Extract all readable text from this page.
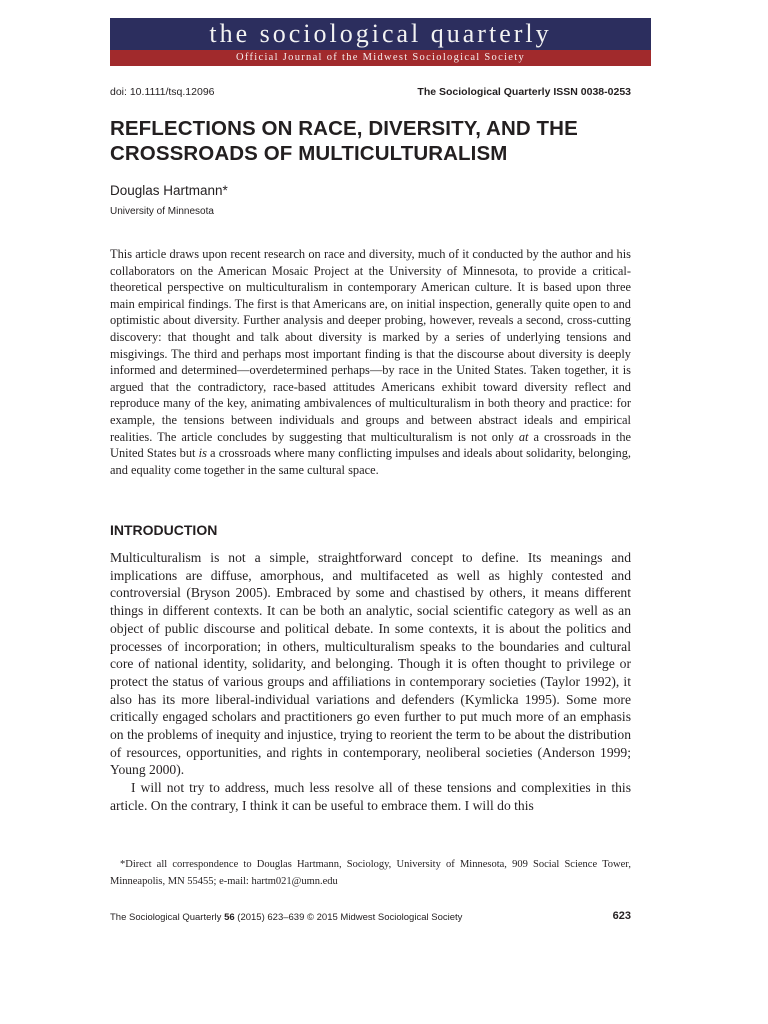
the sociological quarterly
Official Journal of the Midwest Sociological Society
doi: 10.1111/tsq.12096	The Sociological Quarterly ISSN 0038-0253
REFLECTIONS ON RACE, DIVERSITY, AND THE CROSSROADS OF MULTICULTURALISM
Douglas Hartmann*
University of Minnesota

This article draws upon recent research on race and diversity, much of it conducted by the author and his collaborators on the American Mosaic Project at the University of Minnesota, to provide a critical-theoretical perspective on multiculturalism in contemporary American culture. It is based upon three main empirical findings. The first is that Americans are, on initial inspection, generally quite open to and optimistic about diversity. Further analysis and deeper probing, however, reveals a second, cross-cutting discovery: that thought and talk about diversity is marked by a series of underlying tensions and misgivings. The third and perhaps most important finding is that the discourse about diversity is deeply informed and determined—overdetermined perhaps—by race in the United States. Taken together, it is argued that the contradictory, race-based attitudes Americans exhibit toward diversity reflect and reproduce many of the key, animating ambivalences of multiculturalism in both theory and practice: for example, the tensions between individuals and groups and between abstract ideals and empirical realities. The article concludes by suggesting that multiculturalism is not only at a crossroads in the United States but is a crossroads where many conflicting impulses and ideals about solidarity, belonging, and equality come together in the same cultural space.

INTRODUCTION

Multiculturalism is not a simple, straightforward concept to define. Its meanings and implications are diffuse, amorphous, and multifaceted as well as highly contested and controversial (Bryson 2005). Embraced by some and chastised by others, it means different things in different contexts. It can be both an analytic, social scientific category as well as an object of public discourse and political debate. In some contexts, it is about the politics and processes of incorporation; in others, multiculturalism speaks to the boundaries and cultural core of national identity, solidarity, and belonging. Though it is often thought to privilege or protect the status of various groups and affiliations in contemporary societies (Taylor 1992), it also has its more liberal-individual variations and defenders (Kymlicka 1995). Some more critically engaged scholars and practitioners go even further to put much more of an emphasis on the problems of inequity and injustice, trying to reorient the term to be about the distribution of resources, opportunities, and rights in contemporary, neoliberal societies (Anderson 1999; Young 2000).

I will not try to address, much less resolve all of these tensions and complexities in this article. On the contrary, I think it can be useful to embrace them. I will do this

*Direct all correspondence to Douglas Hartmann, Sociology, University of Minnesota, 909 Social Science Tower, Minneapolis, MN 55455; e-mail: hartm021@umn.edu

The Sociological Quarterly 56 (2015) 623–639 © 2015 Midwest Sociological Society	623
